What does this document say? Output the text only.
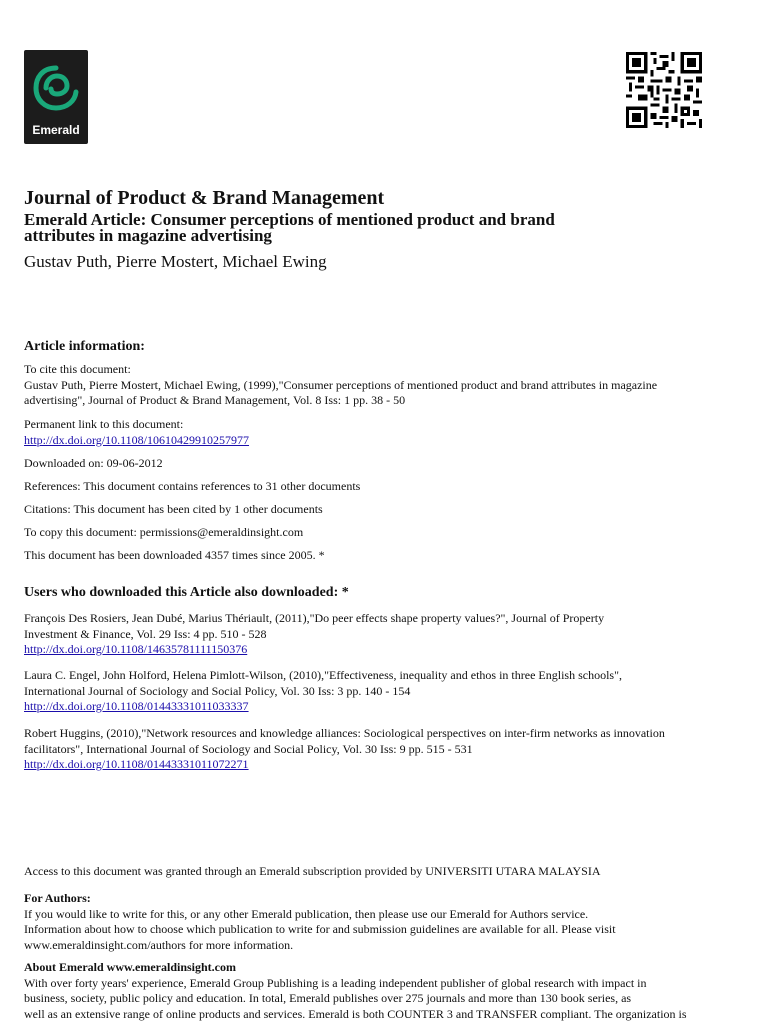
Emerald
Journal of Product & Brand Management
Emerald Article: Consumer perceptions of mentioned product and brand
attributes in magazine advertising
Gustav Puth, Pierre Mostert, Michael Ewing
Article information:

To cite this document:

Gustav Puth, Pierre Mostert, Michael Ewing, (1999),"Consumer perceptions of mentioned product and brand attributes in magazine

advertising", Journal of Product & Brand Management, Vol. 8 Iss: 1 pp. 38 - 50

Permanent link to this document:

http://dx.doi.org/10.1108/10610429910257977

Downloaded on: 09-06-2012
References: This document contains references to 31 other documents
Citations: This document has been cited by 1 other documents
To copy this document: permissions@emeraldinsight.com
This document has been downloaded 4357 times since 2005. *
Users who downloaded this Article also downloaded: *

François Des Rosiers, Jean Dubé, Marius Thériault, (2011),"Do peer effects shape property values?", Journal of Property

Investment & Finance, Vol. 29 Iss: 4 pp. 510 - 528

http://dx.doi.org/10.1108/14635781111150376

Laura C. Engel, John Holford, Helena Pimlott-Wilson, (2010),"Effectiveness, inequality and ethos in three English schools",

International Journal of Sociology and Social Policy, Vol. 30 Iss: 3 pp. 140 - 154

http://dx.doi.org/10.1108/01443331011033337

Robert Huggins, (2010),"Network resources and knowledge alliances: Sociological perspectives on inter-firm networks as innovation

facilitators", International Journal of Sociology and Social Policy, Vol. 30 Iss: 9 pp. 515 - 531

http://dx.doi.org/10.1108/01443331011072271

Access to this document was granted through an Emerald subscription provided by UNIVERSITI UTARA MALAYSIA

For Authors:

If you would like to write for this, or any other Emerald publication, then please use our Emerald for Authors service.

Information about how to choose which publication to write for and submission guidelines are available for all. Please visit

www.emeraldinsight.com/authors for more information.

About Emerald www.emeraldinsight.com

With over forty years' experience, Emerald Group Publishing is a leading independent publisher of global research with impact in

business, society, public policy and education. In total, Emerald publishes over 275 journals and more than 130 book series, as

well as an extensive range of online products and services. Emerald is both COUNTER 3 and TRANSFER compliant. The organization is
